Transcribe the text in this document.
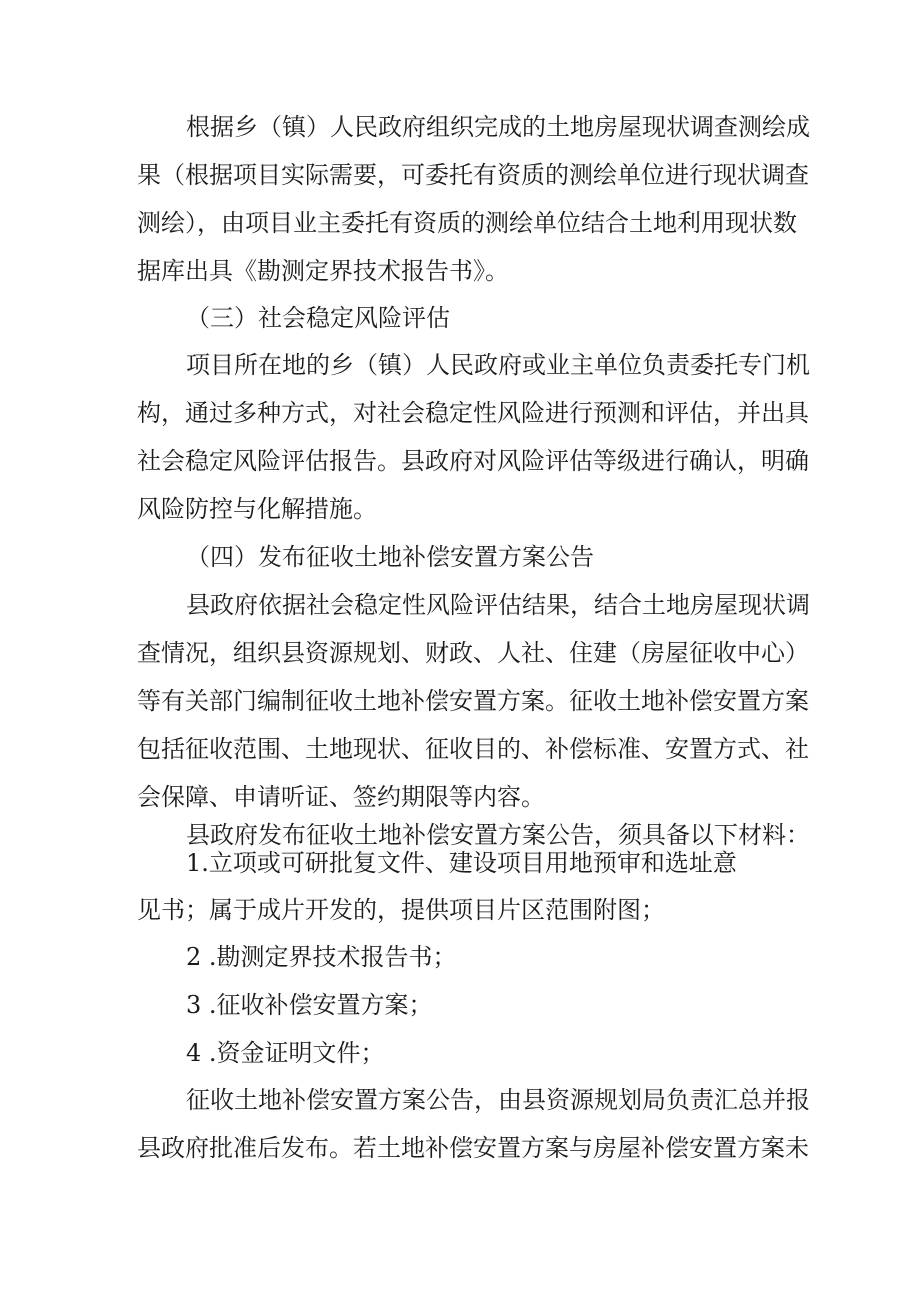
根据乡（镇）人民政府组织完成的土地房屋现状调查测绘成
果（根据项目实际需要，可委托有资质的测绘单位进行现状调查
测绘），由项目业主委托有资质的测绘单位结合土地利用现状数
据库出具《勘测定界技术报告书》。
（三）社会稳定风险评估
项目所在地的乡（镇）人民政府或业主单位负责委托专门机
构，通过多种方式，对社会稳定性风险进行预测和评估，并出具
社会稳定风险评估报告。县政府对风险评估等级进行确认，明确
风险防控与化解措施。
（四）发布征收土地补偿安置方案公告
县政府依据社会稳定性风险评估结果，结合土地房屋现状调
查情况，组织县资源规划、财政、人社、住建（房屋征收中心）
等有关部门编制征收土地补偿安置方案。征收土地补偿安置方案
包括征收范围、土地现状、征收目的、补偿标准、安置方式、社
会保障、申请听证、签约期限等内容。
县政府发布征收土地补偿安置方案公告，须具备以下材料：
1.立项或可研批复文件、建设项目用地预审和选址意
见书；属于成片开发的，提供项目片区范围附图；
2 .勘测定界技术报告书；
3 .征收补偿安置方案；
4 .资金证明文件；
征收土地补偿安置方案公告，由县资源规划局负责汇总并报
县政府批准后发布。若土地补偿安置方案与房屋补偿安置方案未
